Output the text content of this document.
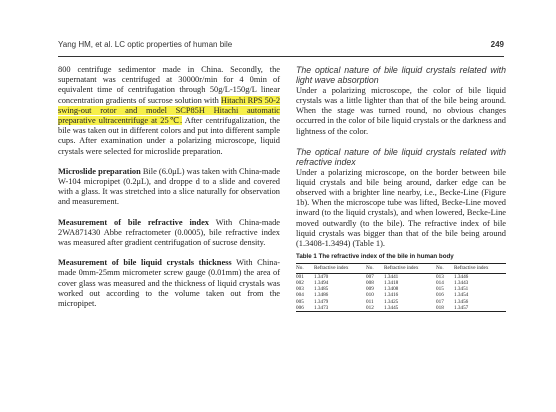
Yang HM, et al. LC optic properties of human bile	249

800 centrifuge sedimentor made in China. Secondly, the supernatant was centrifuged at 30000r/min for 4 0min of equivalent time of centrifugation through 50g/L-150g/L linear concentration gradients of sucrose solution with Hitachi RPS 50-2 swing-out rotor and model SCP85H Hitachi automatic preparative ultracentrifuge at 25℃. After centrifugalization, the bile was taken out in different colors and put into different sample cups. After examination under a polarizing microscope, liquid crystals were selected for microslide preparation.

Microslide preparation Bile (6.0μL) was taken with China-made W-104 micropipet (0.2μL), and droppe d to a slide and covered with a glass. It was stretched into a slice naturally for observation and measurement.

Measurement of bile refractive index With China-made 2WA871430 Abbe refractometer (0.0005), bile refractive index was measured after gradient centrifugation of sucrose density.

Measurement of bile liquid crystals thickness With China-made 0mm-25mm micrometer screw gauge (0.01mm) the area of cover glass was measured and the thickness of liquid crystals was worked out according to the volume taken out from the micropipet.

The optical nature of bile liquid crystals related with light wave absorption

Under a polarizing microscope, the color of bile liquid crystals was a little lighter than that of the bile being around. When the stage was turned round, no obvious changes occurred in the color of bile liquid crystals or the darkness and lightness of the color.

The optical nature of bile liquid crystals related with refractive index

Under a polarizing microscope, on the border between bile liquid crystals and bile being around, darker edge can be observed with a brighter line nearby, i.e., Becke-Line (Figure 1b). When the microscope tube was lifted, Becke-Line moved inward (to the liquid crystals), and when lowered, Becke-Line moved outwardly (to the bile). The refractive index of bile liquid crystals was bigger than that of the bile being around (1.3408-1.3494) (Table 1).

Table 1 The refractive index of the bile in human body
No.	Refractive index	No.	Refractive index	No.	Refractive index
001	1.3470	007	1.3441	013	1.3446
002	1.3494	008	1.3418	014	1.3443
003	1.3485	009	1.3408	015	1.3451
004	1.3486	010	1.3416	016	1.3454
005	1.3479	011	1.3425	017	1.3456
006	1.3473	012	1.3445	018	1.3457
